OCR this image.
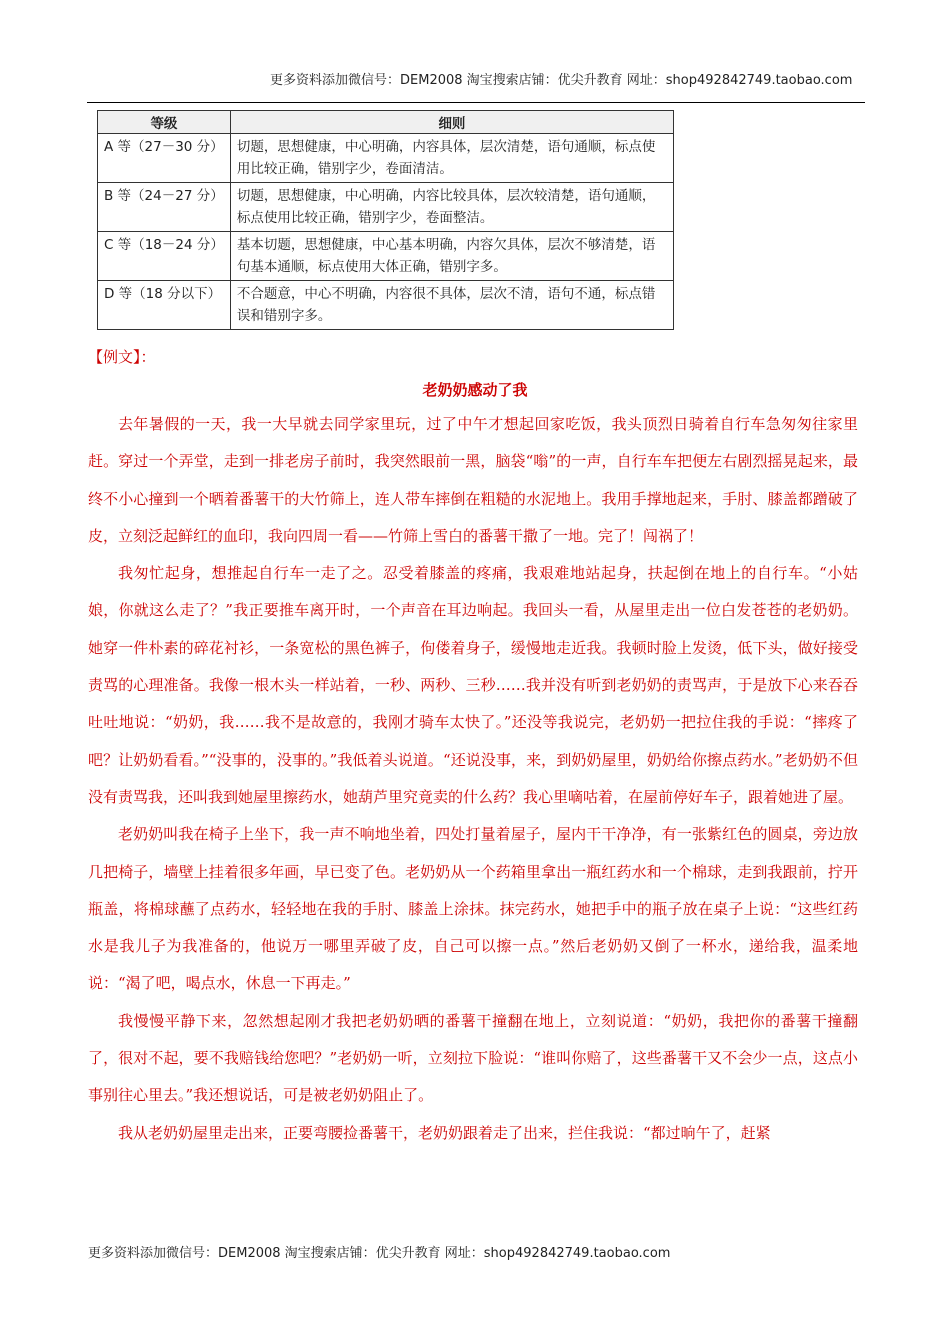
更多资料添加微信号：DEM2008 淘宝搜索店铺：优尖升教育 网址：shop492842749.taobao.com
等级	细则
A 等（27－30 分）	切题，思想健康，中心明确，内容具体，层次清楚，语句通顺，标点使用比较正确，错别字少，卷面清洁。
B 等（24－27 分）	切题，思想健康，中心明确，内容比较具体，层次较清楚，语句通顺，标点使用比较正确，错别字少，卷面整洁。
C 等（18－24 分）	基本切题，思想健康，中心基本明确，内容欠具体，层次不够清楚，语句基本通顺，标点使用大体正确，错别字多。
D 等（18 分以下）	不合题意，中心不明确，内容很不具体，层次不清，语句不通，标点错误和错别字多。
【例文】：
老奶奶感动了我

去年暑假的一天，我一大早就去同学家里玩，过了中午才想起回家吃饭，我头顶烈日骑着自行车急匆匆往家里赶。穿过一个弄堂，走到一排老房子前时，我突然眼前一黑，脑袋“嗡”的一声，自行车车把便左右剧烈摇晃起来，最终不小心撞到一个晒着番薯干的大竹筛上，连人带车摔倒在粗糙的水泥地上。我用手撑地起来，手肘、膝盖都蹭破了皮，立刻泛起鲜红的血印，我向四周一看——竹筛上雪白的番薯干撒了一地。完了！闯祸了！

我匆忙起身，想推起自行车一走了之。忍受着膝盖的疼痛，我艰难地站起身，扶起倒在地上的自行车。“小姑娘，你就这么走了？”我正要推车离开时，一个声音在耳边响起。我回头一看，从屋里走出一位白发苍苍的老奶奶。她穿一件朴素的碎花衬衫，一条宽松的黑色裤子，佝偻着身子，缓慢地走近我。我顿时脸上发烫，低下头，做好接受责骂的心理准备。我像一根木头一样站着，一秒、两秒、三秒……我并没有听到老奶奶的责骂声，于是放下心来吞吞吐吐地说：“奶奶，我……我不是故意的，我刚才骑车太快了。”还没等我说完，老奶奶一把拉住我的手说：“摔疼了吧？让奶奶看看。”“没事的，没事的。”我低着头说道。“还说没事，来，到奶奶屋里，奶奶给你擦点药水。”老奶奶不但没有责骂我，还叫我到她屋里擦药水，她葫芦里究竟卖的什么药？我心里嘀咕着，在屋前停好车子，跟着她进了屋。

老奶奶叫我在椅子上坐下，我一声不响地坐着，四处打量着屋子，屋内干干净净，有一张紫红色的圆桌，旁边放几把椅子，墙壁上挂着很多年画，早已变了色。老奶奶从一个药箱里拿出一瓶红药水和一个棉球，走到我跟前，拧开瓶盖，将棉球蘸了点药水，轻轻地在我的手肘、膝盖上涂抹。抹完药水，她把手中的瓶子放在桌子上说：“这些红药水是我儿子为我准备的，他说万一哪里弄破了皮，自己可以擦一点。”然后老奶奶又倒了一杯水，递给我，温柔地说：“渴了吧，喝点水，休息一下再走。”

我慢慢平静下来，忽然想起刚才我把老奶奶晒的番薯干撞翻在地上，立刻说道：“奶奶，我把你的番薯干撞翻了，很对不起，要不我赔钱给您吧？”老奶奶一听，立刻拉下脸说：“谁叫你赔了，这些番薯干又不会少一点，这点小事别往心里去。”我还想说话，可是被老奶奶阻止了。

我从老奶奶屋里走出来，正要弯腰捡番薯干，老奶奶跟着走了出来，拦住我说：“都过晌午了，赶紧

更多资料添加微信号：DEM2008 淘宝搜索店铺：优尖升教育 网址：shop492842749.taobao.com
